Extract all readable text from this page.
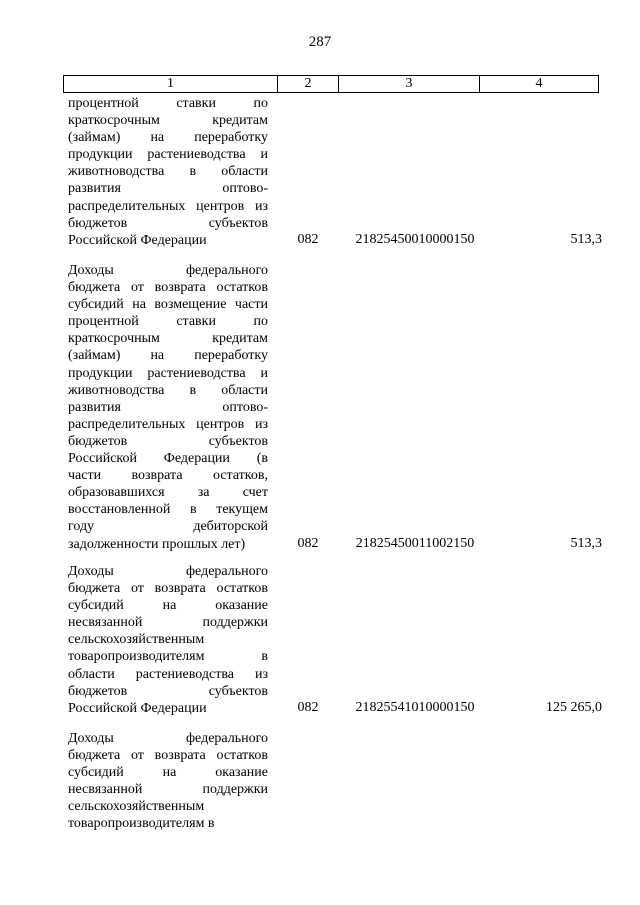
287
1	2	3	4
процентной ставки по
краткосрочным кредитам
(займам) на переработку
продукции растениеводства и
животноводства в области
развития оптово-
распределительных центров из
бюджетов субъектов
Российской Федерации	082	21825450010000150	513,3
Доходы федерального
бюджета от возврата остатков
субсидий на возмещение части
процентной ставки по
краткосрочным кредитам
(займам) на переработку
продукции растениеводства и
животноводства в области
развития оптово-
распределительных центров из
бюджетов субъектов
Российской Федерации (в
части возврата остатков,
образовавшихся за счет
восстановленной в текущем
году дебиторской
задолженности прошлых лет)	082	21825450011002150	513,3
Доходы федерального
бюджета от возврата остатков
субсидий на оказание
несвязанной поддержки
сельскохозяйственным
товаропроизводителям в
области растениеводства из
бюджетов субъектов
Российской Федерации	082	21825541010000150	125 265,0
Доходы федерального
бюджета от возврата остатков
субсидий на оказание
несвязанной поддержки
сельскохозяйственным
товаропроизводителям в
